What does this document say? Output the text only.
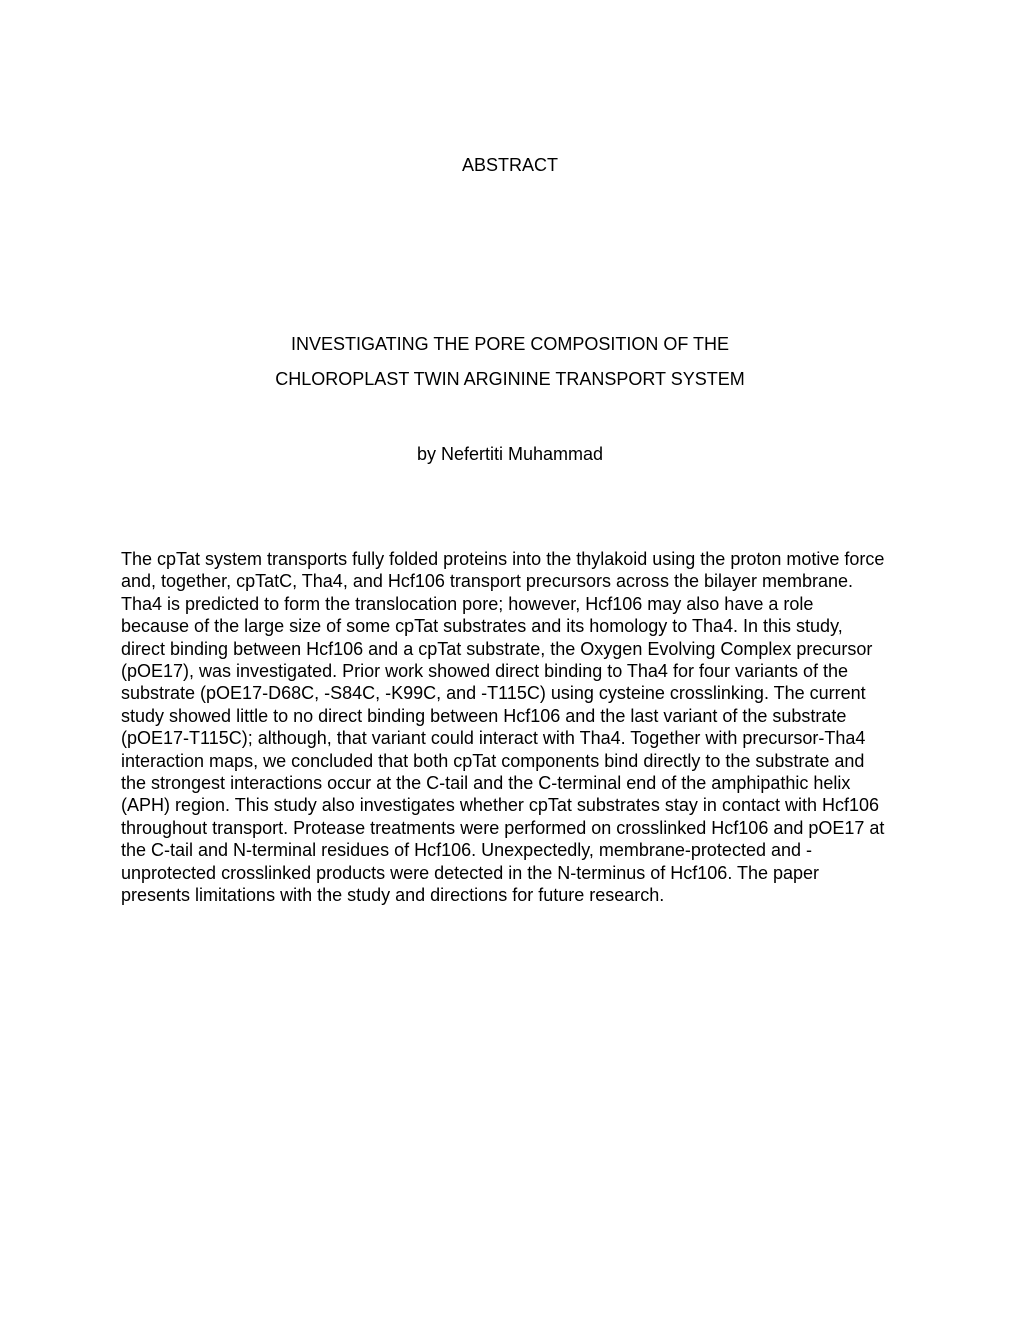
ABSTRACT
INVESTIGATING THE PORE COMPOSITION OF THE
CHLOROPLAST TWIN ARGININE TRANSPORT SYSTEM
by Nefertiti Muhammad
The cpTat system transports fully folded proteins into the thylakoid using the proton motive force
and, together, cpTatC, Tha4, and Hcf106 transport precursors across the bilayer membrane.
Tha4 is predicted to form the translocation pore; however, Hcf106 may also have a role
because of the large size of some cpTat substrates and its homology to Tha4. In this study,
direct binding between Hcf106 and a cpTat substrate, the Oxygen Evolving Complex precursor
(pOE17), was investigated. Prior work showed direct binding to Tha4 for four variants of the
substrate (pOE17-D68C, -S84C, -K99C, and -T115C) using cysteine crosslinking. The current
study showed little to no direct binding between Hcf106 and the last variant of the substrate
(pOE17-T115C); although, that variant could interact with Tha4. Together with precursor-Tha4
interaction maps, we concluded that both cpTat components bind directly to the substrate and
the strongest interactions occur at the C-tail and the C-terminal end of the amphipathic helix
(APH) region. This study also investigates whether cpTat substrates stay in contact with Hcf106
throughout transport. Protease treatments were performed on crosslinked Hcf106 and pOE17 at
the C-tail and N-terminal residues of Hcf106. Unexpectedly, membrane-protected and -
unprotected crosslinked products were detected in the N-terminus of Hcf106. The paper
presents limitations with the study and directions for future research.
